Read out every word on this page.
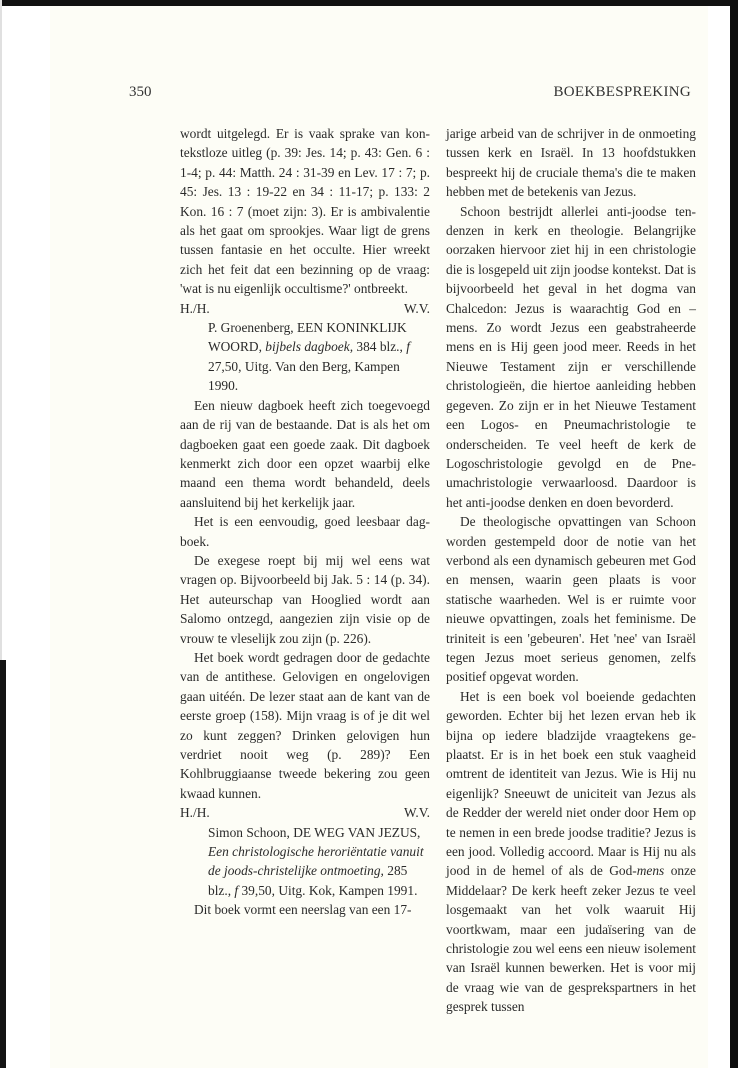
350	BOEKBESPREKING

wordt uitgelegd. Er is vaak sprake van kontekstloze uitleg (p. 39: Jes. 14; p. 43: Gen. 6 : 1-4; p. 44: Matth. 24 : 31-39 en Lev. 17 : 7; p. 45: Jes. 13 : 19-22 en 34 : 11-17; p. 133: 2 Kon. 16 : 7 (moet zijn: 3). Er is ambivalentie als het gaat om sprookjes. Waar ligt de grens tussen fantasie en het occulte. Hier wreekt zich het feit dat een bezinning op de vraag: 'wat is nu eigenlijk occultisme?' ontbreekt.

H./H.	W.V.

P. Groenenberg, EEN KONINKLIJK WOORD, bijbels dagboek, 384 blz., f 27,50, Uitg. Van den Berg, Kampen 1990.

Een nieuw dagboek heeft zich toegevoegd aan de rij van de bestaande. Dat is als het om dagboeken gaat een goede zaak. Dit dagboek kenmerkt zich door een opzet waarbij elke maand een thema wordt behandeld, deels aansluitend bij het kerkelijk jaar.

Het is een eenvoudig, goed leesbaar dagboek.

De exegese roept bij mij wel eens wat vragen op. Bijvoorbeeld bij Jak. 5 : 14 (p. 34). Het auteurschap van Hooglied wordt aan Salomo ontzegd, aangezien zijn visie op de vrouw te vleselijk zou zijn (p. 226).

Het boek wordt gedragen door de gedachte van de antithese. Gelovigen en ongelovigen gaan uitéén. De lezer staat aan de kant van de eerste groep (158). Mijn vraag is of je dit wel zo kunt zeggen? Drinken gelovigen hun verdriet nooit weg (p. 289)? Een Kohlbruggiaanse tweede bekering zou geen kwaad kunnen.

H./H.	W.V.

Simon Schoon, DE WEG VAN JEZUS, Een christologische heroriëntatie vanuit de joods-christelijke ontmoeting, 285 blz., f 39,50, Uitg. Kok, Kampen 1991.

Dit boek vormt een neerslag van een 17-

jarige arbeid van de schrijver in de onmoeting tussen kerk en Israël. In 13 hoofdstukken bespreekt hij de cruciale thema's die te maken hebben met de betekenis van Jezus.

Schoon bestrijdt allerlei anti-joodse tendenzen in kerk en theologie. Belangrijke oorzaken hiervoor ziet hij in een christologie die is losgepeld uit zijn joodse kontekst. Dat is bijvoorbeeld het geval in het dogma van Chalcedon: Jezus is waarachtig God en – mens. Zo wordt Jezus een geabstraheerde mens en is Hij geen jood meer. Reeds in het Nieuwe Testament zijn er verschillende christologieën, die hiertoe aanleiding hebben gegeven. Zo zijn er in het Nieuwe Testament een Logos- en Pneumachristologie te onderscheiden. Te veel heeft de kerk de Logoschristologie gevolgd en de Pneumachristologie verwaarloosd. Daardoor is het anti-joodse denken en doen bevorderd.

De theologische opvattingen van Schoon worden gestempeld door de notie van het verbond als een dynamisch gebeuren met God en mensen, waarin geen plaats is voor statische waarheden. Wel is er ruimte voor nieuwe opvattingen, zoals het feminisme. De triniteit is een 'gebeuren'. Het 'nee' van Israël tegen Jezus moet serieus genomen, zelfs positief opgevat worden.

Het is een boek vol boeiende gedachten geworden. Echter bij het lezen ervan heb ik bijna op iedere bladzijde vraagtekens geplaatst. Er is in het boek een stuk vaagheid omtrent de identiteit van Jezus. Wie is Hij nu eigenlijk? Sneeuwt de uniciteit van Jezus als de Redder der wereld niet onder door Hem op te nemen in een brede joodse traditie? Jezus is een jood. Volledig accoord. Maar is Hij nu als jood in de hemel of als de God-mens onze Middelaar? De kerk heeft zeker Jezus te veel losgemaakt van het volk waaruit Hij voortkwam, maar een judaïsering van de christologie zou wel eens een nieuw isolement van Israël kunnen bewerken. Het is voor mij de vraag wie van de gesprekspartners in het gesprek tussen
